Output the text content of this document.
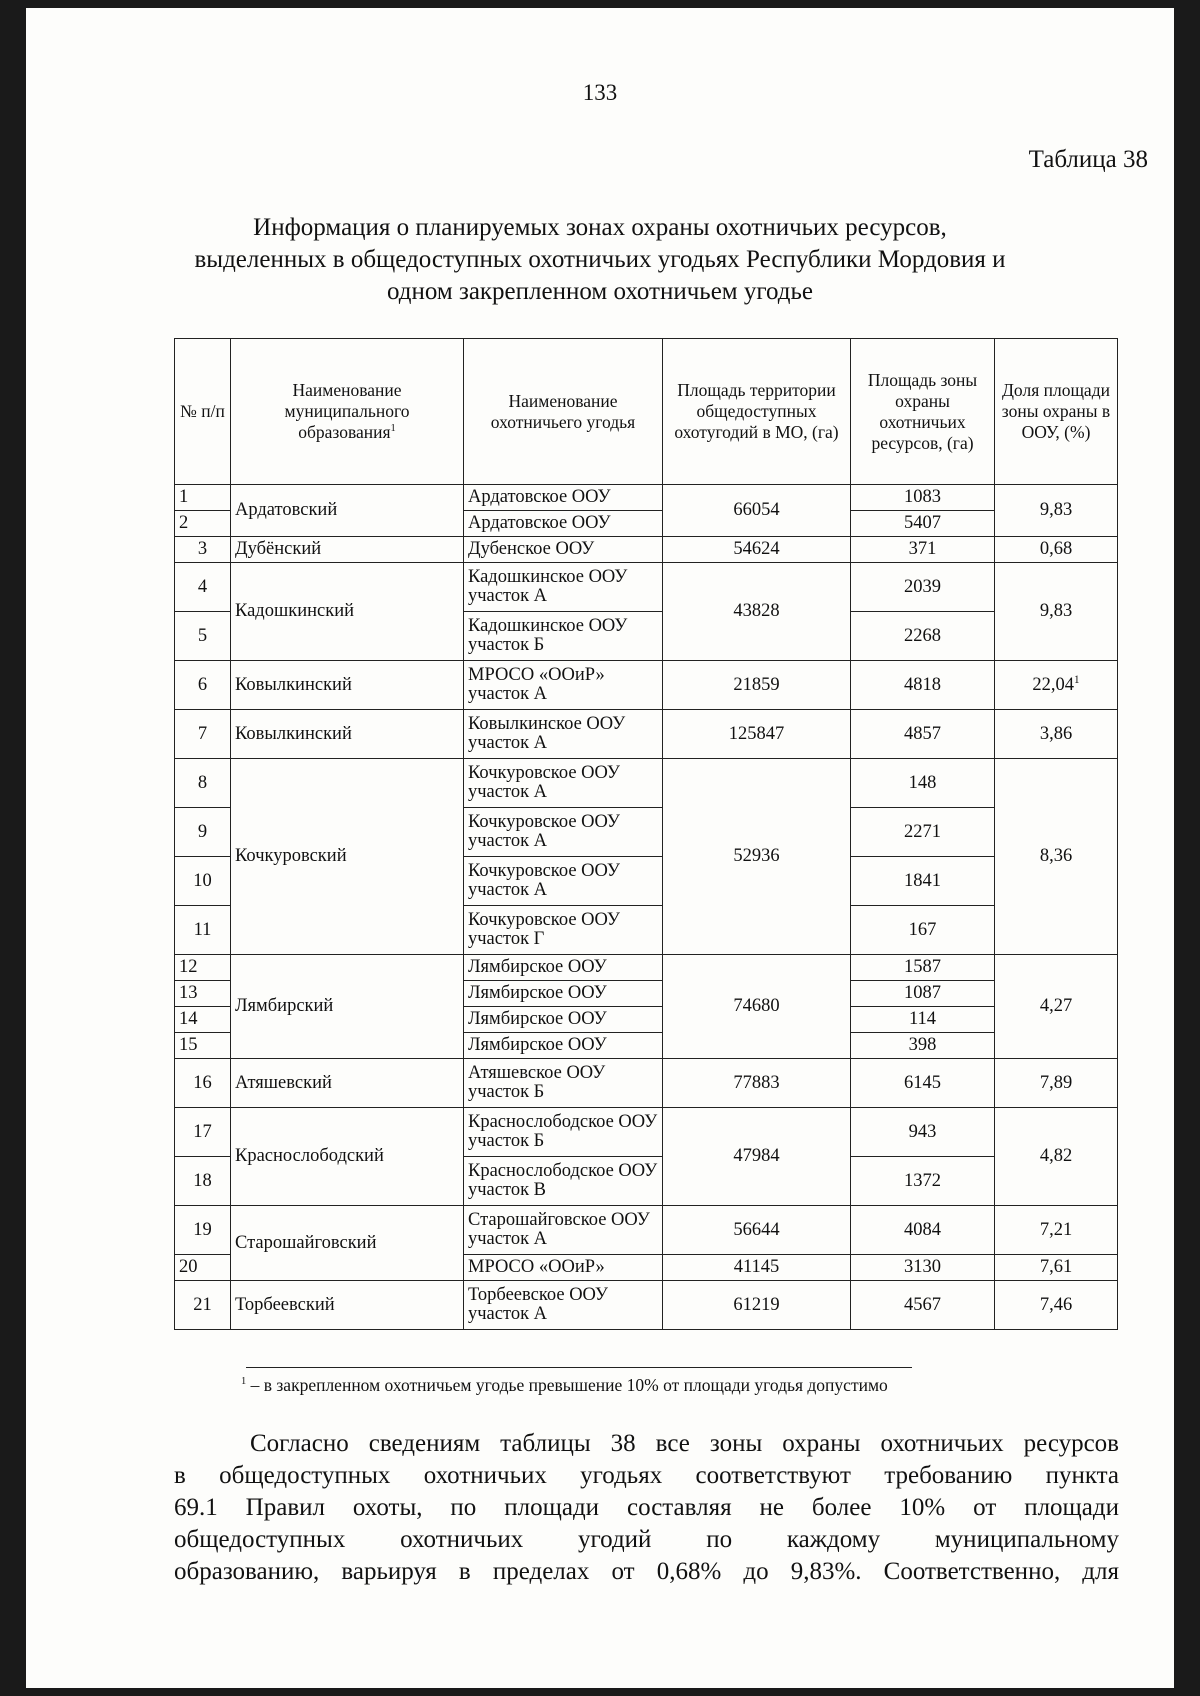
133
Таблица 38
Информация о планируемых зонах охраны охотничьих ресурсов,
выделенных в общедоступных охотничьих угодьях Республики Мордовия и
одном закрепленном охотничьем угодье
№ п/п	Наименование муниципального образования$^1$	Наименование охотничьего угодья	Площадь территории общедоступных охотугодий в МО, (га)	Площадь зоны охраны охотничьих ресурсов, (га)	Доля площади зоны охраны в ООУ, (%)
1	Ардатовский	Ардатовское ООУ	66054	1083	9,83
2		Ардатовское ООУ		5407	
3	Дубёнский	Дубенское ООУ	54624	371	0,68
4	Кадошкинский	Кадошкинское ООУ участок А	43828	2039	9,83
5		Кадошкинское ООУ участок Б		2268	
6	Ковылкинский	МРОСО «ООиР» участок А	21859	4818	22,04$^1$
7	Ковылкинский	Ковылкинское ООУ участок А	125847	4857	3,86
8	Кочкуровский	Кочкуровское ООУ участок А	52936	148	8,36
9		Кочкуровское ООУ участок А		2271	
10		Кочкуровское ООУ участок А		1841	
11		Кочкуровское ООУ участок Г		167	
12	Лямбирский	Лямбирское ООУ	74680	1587	4,27
13		Лямбирское ООУ		1087	
14		Лямбирское ООУ		114	
15		Лямбирское ООУ		398	
16	Атяшевский	Атяшевское ООУ участок Б	77883	6145	7,89
17	Краснослободский	Краснослободское ООУ участок Б	47984	943	4,82
18		Краснослободское ООУ участок В		1372	
19	Старошайговский	Старошайговское ООУ участок А	56644	4084	7,21
20		МРОСО «ООиР»	41145	3130	7,61
21	Торбеевский	Торбеевское ООУ участок А	61219	4567	7,46
$^1$ – в закрепленном охотничьем угодье превышение 10% от площади угодья допустимо
Согласно сведениям таблицы 38 все зоны охраны охотничьих ресурсов
в общедоступных охотничьих угодьях соответствуют требованию пункта
69.1 Правил охоты, по площади составляя не более 10% от площади
общедоступных охотничьих угодий по каждому муниципальному
образованию, варьируя в пределах от 0,68% до 9,83%. Соответственно, для
